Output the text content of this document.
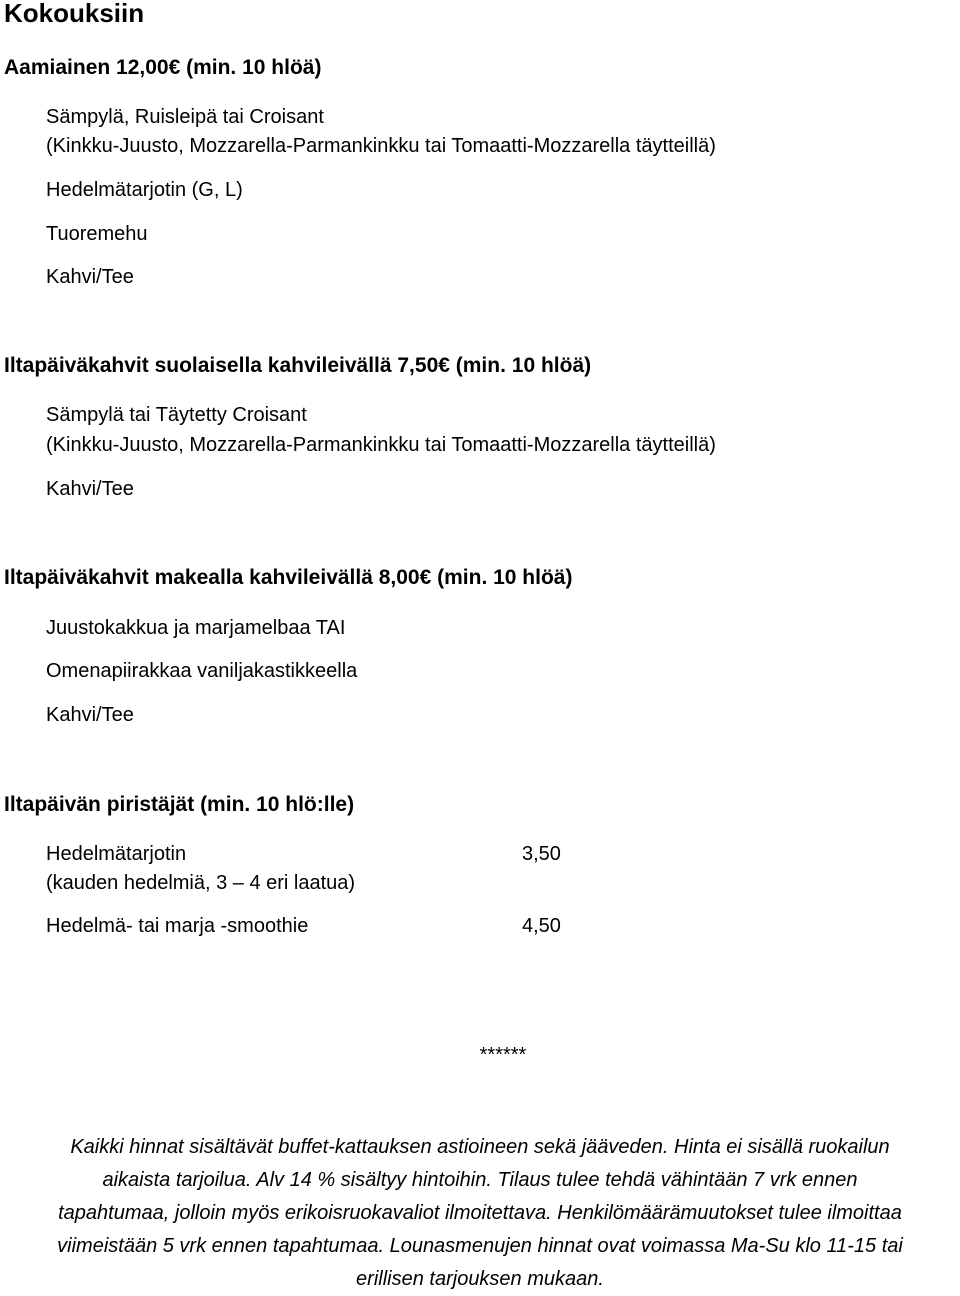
Kokouksiin
Aamiainen 12,00€ (min. 10 hlöä)
Sämpylä, Ruisleipä tai Croisant
(Kinkku-Juusto, Mozzarella-Parmankinkku tai Tomaatti-Mozzarella täytteillä)
Hedelmätarjotin (G, L)
Tuoremehu
Kahvi/Tee
Iltapäiväkahvit suolaisella kahvileivällä 7,50€ (min. 10 hlöä)
Sämpylä tai Täytetty Croisant
(Kinkku-Juusto, Mozzarella-Parmankinkku tai Tomaatti-Mozzarella täytteillä)
Kahvi/Tee
Iltapäiväkahvit makealla kahvileivällä 8,00€ (min. 10 hlöä)
Juustokakkua ja marjamelbaa TAI
Omenapiirakkaa vaniljakastikkeella
Kahvi/Tee
Iltapäivän piristäjät (min. 10 hlö:lle)
Hedelmätarjotin	3,50
(kauden hedelmiä, 3 – 4 eri laatua)
Hedelmä- tai marja -smoothie	4,50
******
Kaikki hinnat sisältävät buffet-kattauksen astioineen sekä jääveden. Hinta ei sisällä ruokailun
aikaista tarjoilua. Alv 14 % sisältyy hintoihin. Tilaus tulee tehdä vähintään 7 vrk ennen
tapahtumaa, jolloin myös erikoisruokavaliot ilmoitettava. Henkilömäärämuutokset tulee ilmoittaa
viimeistään 5 vrk ennen tapahtumaa. Lounasmenujen hinnat ovat voimassa Ma-Su klo 11-15 tai
erillisen tarjouksen mukaan.
